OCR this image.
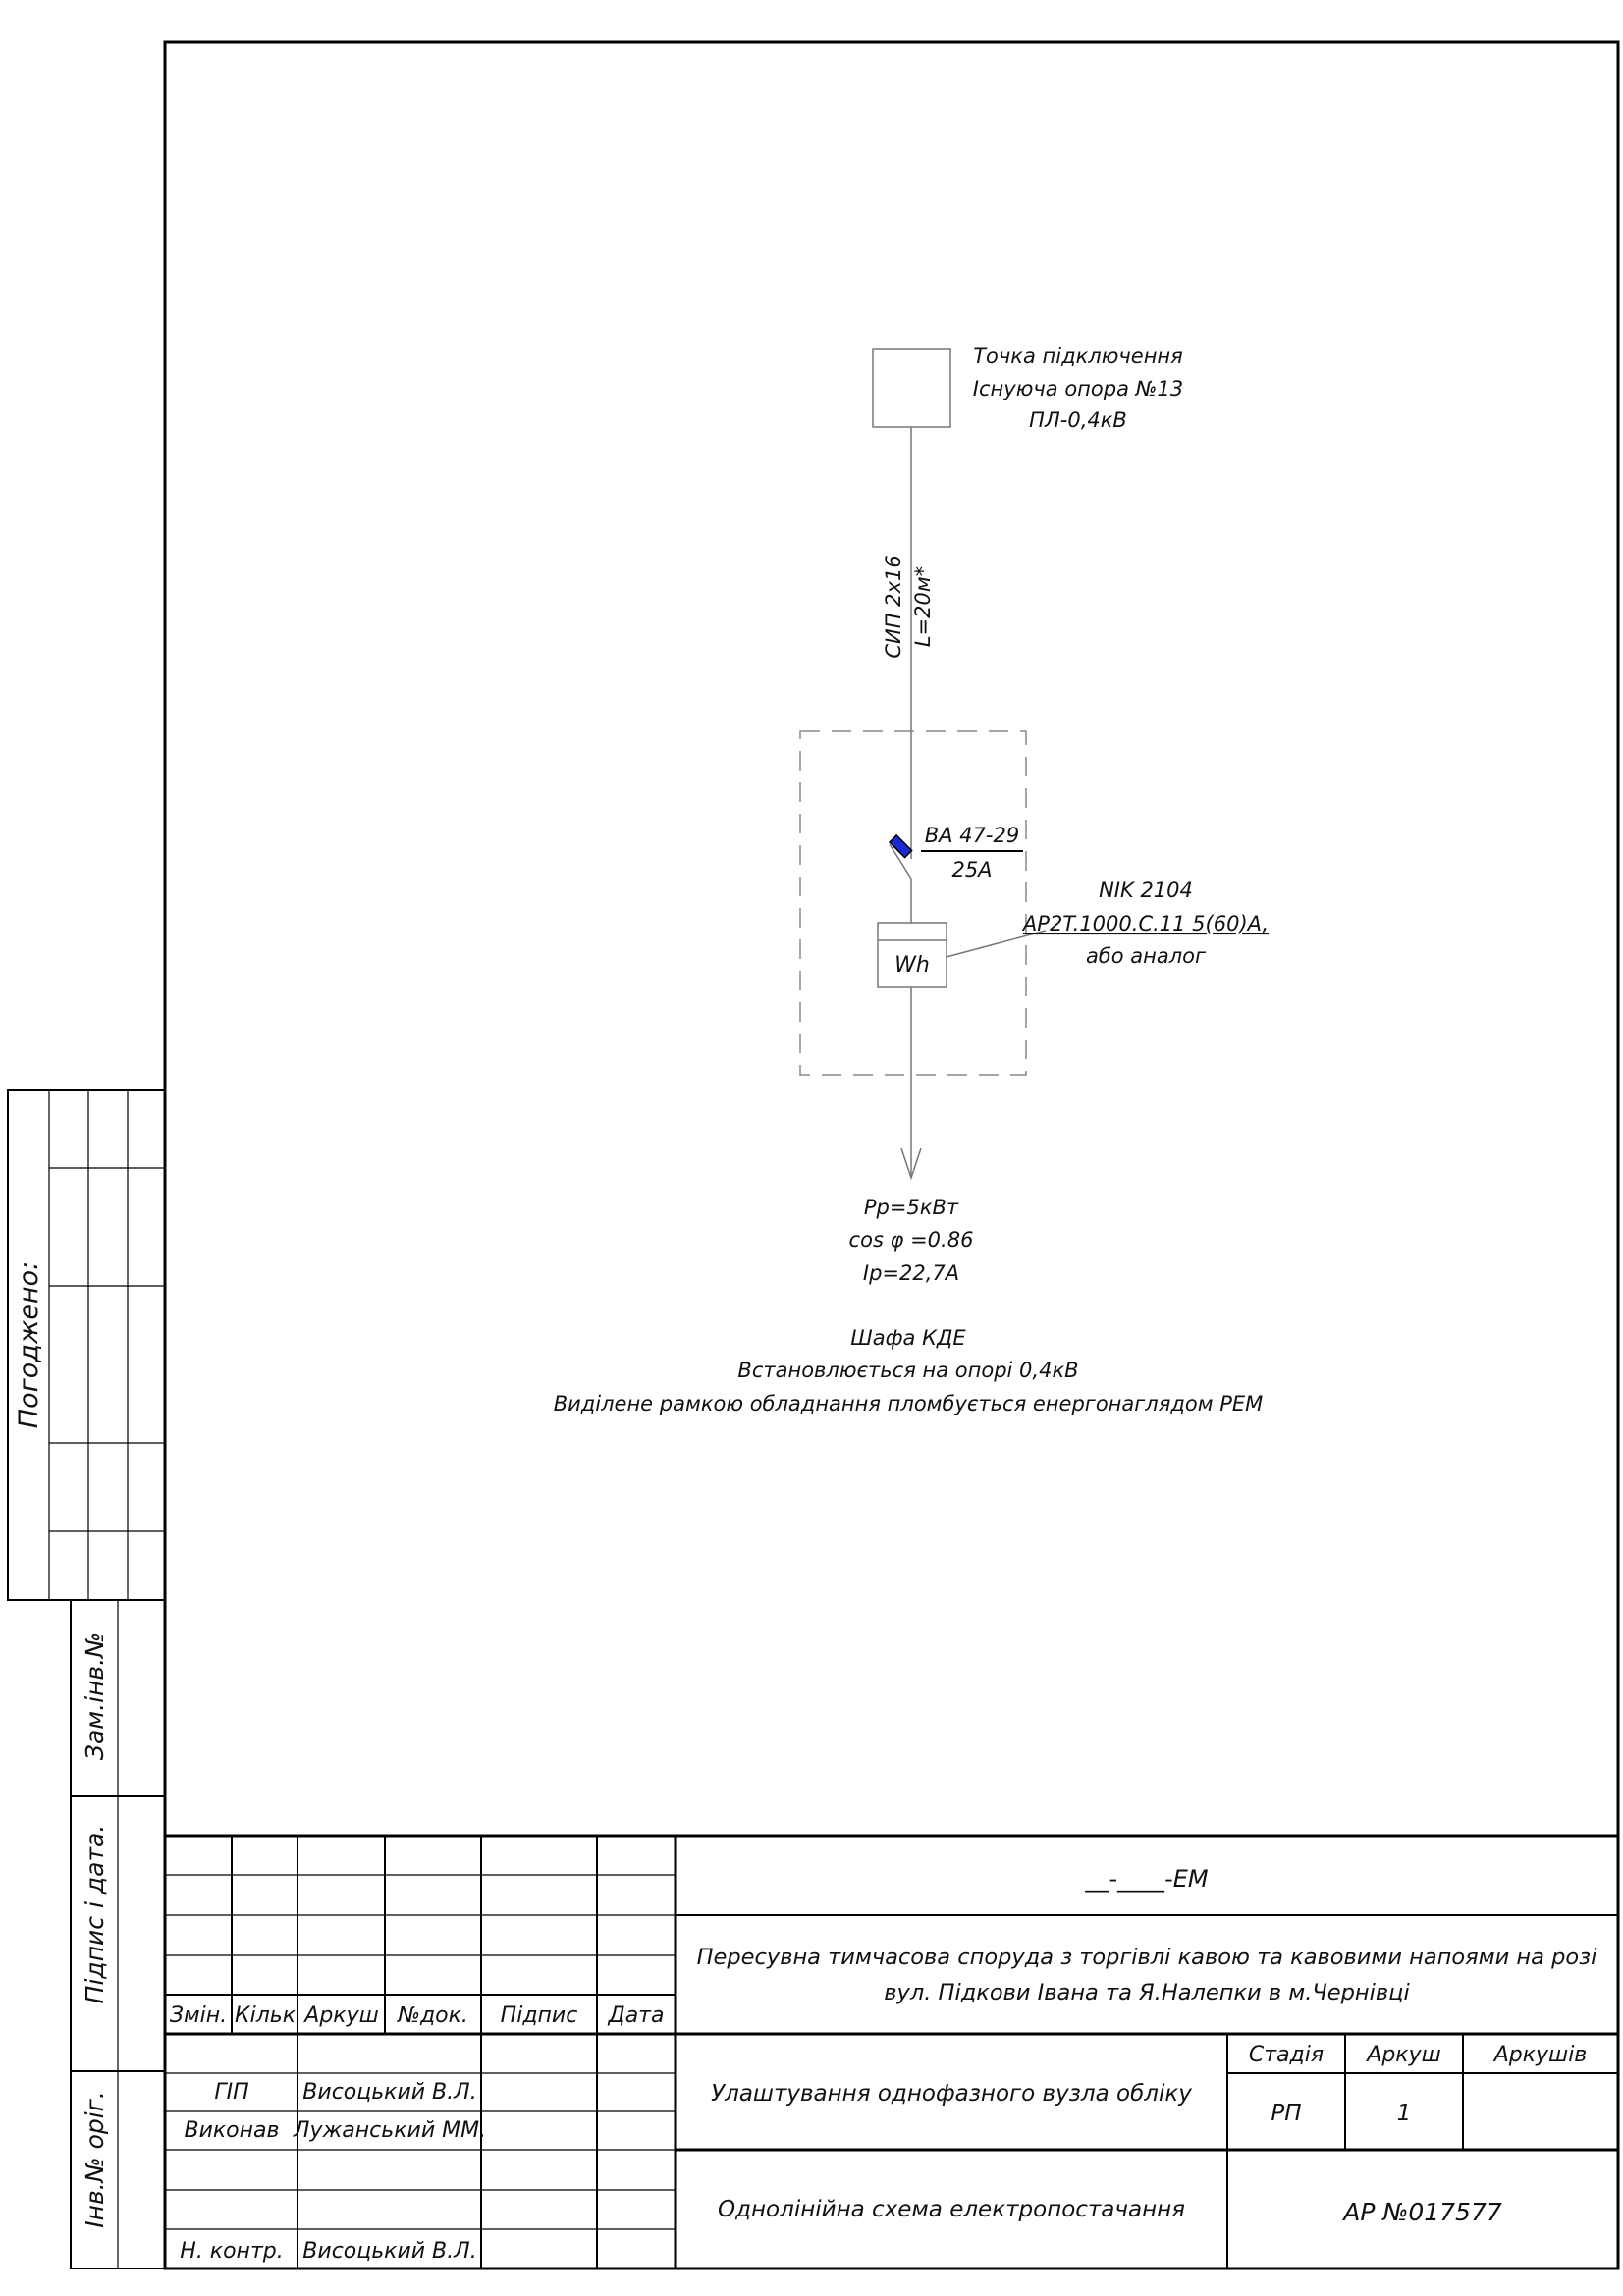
Погоджено:
Зам.інв.№
Підпис і дата.
Інв.№ оріг.
Точка підключення
Існуюча опора №13
ПЛ-0,4кВ
СИП 2х16 L=20м*
ВА 47-29
25А
Wh
NIK 2104
AP2T.1000.C.11 5(60)A,
або аналог
Рр=5кВт
cos φ =0.86
Ір=22,7А
Шафа КДЕ
Встановлюється на опорі 0,4кВ
Виділене рамкою обладнання пломбується енергонаглядом РЕМ
Змін. Кільк Аркуш №док. Підпис Дата
ГІП Висоцький В.Л.
Виконав Лужанський ММ.
Н. контр. Висоцький В.Л.
__-____-ЕМ
Пересувна тимчасова споруда з торгівлі кавою та кавовими напоями на розі
вул. Підкови Івана та Я.Налепки в м.Чернівці
Улаштування однофазного вузла обліку
Однолінійна схема електропостачання
Стадія Аркуш Аркушів
РП	1
АР №017577
